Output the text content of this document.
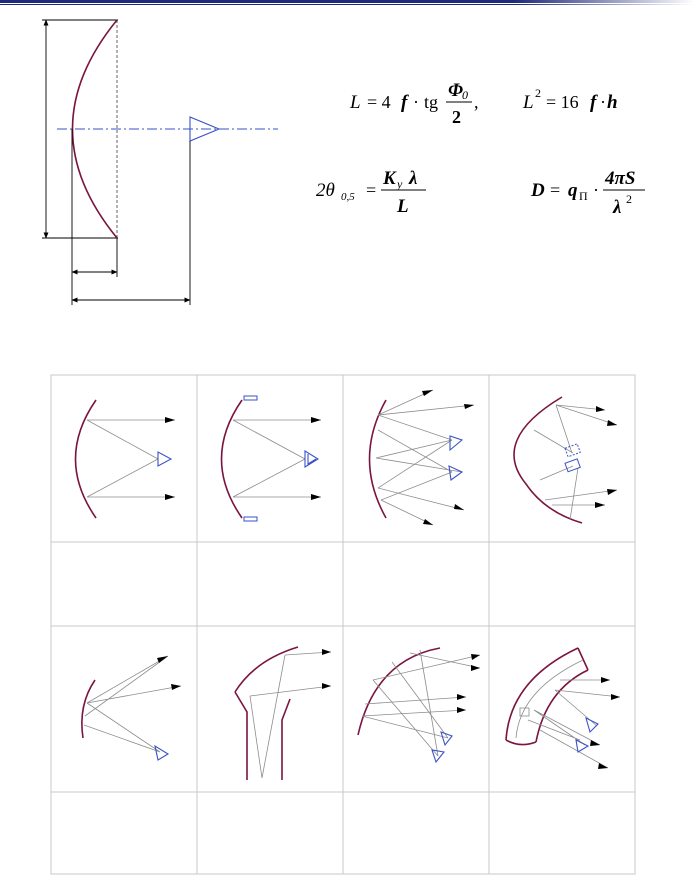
L = 4 f · tg
Φ 0
2
, L 2 = 16 f · h
2θ 0,5 =
K y λ
L
D = q П ·
4πS
λ 2
